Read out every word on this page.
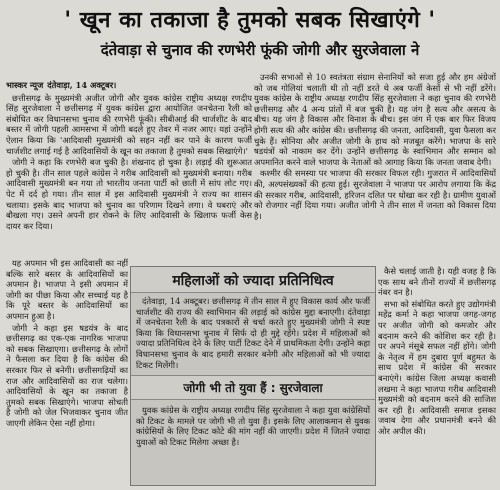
' खून का तकाजा है तुमको सबक सिखाएंगे '
दंतेवाड़ा से चुनाव की रणभेरी फूंकी जोगी और सुरजेवाला ने
भास्कर न्यूज दंतेवाड़ा, 14 अक्टूबर।

छत्तीसगढ़ के मुख्यमंत्री अजीत जोगी और युवक कांग्रेस राष्ट्रीय अध्यक्ष रणदीप सिंह सुरजेवाला ने छत्तीसगढ़ में युवक कांग्रेस द्वारा आयोजित जनचेतना रैली को संबोधित कर विधानसभा चुनाव की रणभेरी फूंकी। सीबीआई की चार्जशीट के बाद बस्तर में जोगी पहली आमसभा में जोगी बदले हुए तेवर में नजर आए। यहां उन्होंने ऐलान किया कि 'आदिवासी मुख्यमंत्री को सहन नहीं कर पाने के कारण फर्जी चार्जशीट लगाई गई है आदिवासियों के खून का तकाजा है तुमको सबक सिखाएंगे।'

जोगी ने कहा कि रणभेरी बज चुकी है। शंखनाद हो चुका है। लड़ाई की शुरूआत हो चुकी है। तीन साल पहले कांग्रेस ने गरीब आदिवासी को मुख्यमंत्री बनाया। गरीब आदिवासी मुख्यमंत्री बन गया तो भारतीय जनता पार्टी को छाती में सांप लोट गए। पेट में दर्द हो गया। तीन साल में इस आदिवासी मुख्यमंत्री ने राज्य का शासन चलाया। इसके बाद भाजपा को चुनाव का परिणाम दिखने लगा। वे घबराएं और बौखला गए। उसने अपनी हार रोकने के लिए आदिवासी के खिलाफ फर्जी केस दायर कर दिया।

यह अपमान भी इस आदिवासी का नहीं बल्कि सारे बस्तर के आदिवासियों का अपमान है। भाजपा ने इसी अपमान में जोगी का पीछा किया और सच्चाई यह है कि पूरे बस्तर के आदिवासियों का अपमान हुआ है।

जोगी ने कहा इस षडयंत्र के बाद छत्तीसगढ़ का एक-एक नागरिक भाजपा को सबक सिखाएगा। छत्तीसगढ़ के लोगों ने फैसला कर दिया है कि कांग्रेस की सरकार फिर से बनेगी। छत्तीसगढ़ियों का राज और आदिवासियों का राज चलेगा। आदिवासियों के खून का तकाजा है तुमको सबक सिखाएंगे। भाजपा सोचती है जोगी को जेल भिजवाकर चुनाव जीत जाएगी लेकिन ऐसा नहीं होगा।

उनकी सभाओं से 10 स्वतंत्रता संग्राम सेनानियों को सजा हुई और हम अंग्रेजों को जब गोलियां चलाती थी तो नहीं डरते थे अब फर्जी केसों से भी नहीं डरेंगे। युवक कांग्रेस के राष्ट्रीय अध्यक्ष रणदीप सिंह सुरजेवाला ने कहा चुनाव की रणभेरी छत्तीसगढ़ और 4 अन्य प्रांतों में बज चुकी है। यह जंग है सत्य और असत्य के बीच। यह जंग है विकास और विनाश के बीच। इस जंग में एक बार फिर विजय होगी सत्य की और कांग्रेस की। छत्तीसगढ़ की जनता, आदिवासी, युवा फैसला कर चुके हैं। सोनिया और अजीत जोगी के हाथ को मजबूत करेंगे। भाजपा के सारे षडयंत्रों को नाकाम कर देंगे। उन्होंने छत्तीसगढ़ के स्वाभिमान और सम्मान को अपमानित करने वाले भाजपा के नेताओं को आगाह किया कि जनता जवाब देगी।

कश्मीर की समस्या पर भाजपा की सरकार विफल रही। गुजरात में आदिवासियों की, अल्पसंख्यकों की हत्या हुई। सुरजेवाला ने भाजपा पर आरोप लगाया कि केंद्र की सरकार गरीब, आदिवासी, हरिजन दलित पर धोखा कर रही है। ग्रामीण युवाओं को रोजगार नहीं दिया गया। अजीत जोगी ने तीन साल में जनता को विकास दिया है।

महिलाओं को ज्यादा प्रतिनिधित्व

दंतेवाड़ा, 14 अक्टूबर। छत्तीसगढ़ में तीन साल में हुए विकास कार्य और फर्जी चार्जशीट की राज्य की स्वाभिमान की लड़ाई को कांग्रेस मुद्दा बनाएगी। दंतेवाड़ा में जनचेतना रैली के बाद पत्रकारों से चर्चा करते हुए मुख्यमंत्री जोगी ने स्पष्ट किया कि विधानसभा चुनाव में सिर्फ दो ही मुद्दे रहेंगे। प्रदेश में महिलाओं को ज्यादा प्रतिनिधित्व देने के लिए पार्टी टिकट देने में प्राथमिकता देगी। उन्होंने कहा विधानसभा चुनाव के बाद हमारी सरकार बनेगी और महिलाओं को भी ज्यादा टिकट मिलेंगी।

जोगी भी तो युवा हैं : सुरजेवाला

युवक कांग्रेस के राष्ट्रीय अध्यक्ष रणदीप सिंह सुरजेवाला ने कहा युवा कांग्रेसियों को टिकट के मामले पर जोगी भी तो युवा हैं। इसके लिए आलाकमान से युवक कांग्रेसियों के लिए टिकट कोटे की मांग नहीं की जाएगी। प्रदेश में जितने ज्यादा युवाओं को टिकट मिलेगा अच्छा है।

कैसे चलाई जाती है। यही वजह है कि एक साथ बने तीनों राज्यों में छत्तीसगढ़ नंबर वन है।

सभा को संबोधित करते हुए उद्योगमंत्री महेंद्र कर्मा ने कहा भाजपा जगह-जगह पर अजीत जोगी को कमजोर और बदनाम करने की कोशिश कर रही है। पर अपने मंसूबे सफल नहीं होंगे। जोगी के नेतृत्व में हम दुबारा पूर्ण बहुमत के साथ प्रदेश में कांग्रेस की सरकार बनाएंगे। कांग्रेस जिला अध्यक्ष कवासी लखमा ने कहा भाजपा गरीब आदिवासी मुख्यमंत्री को बदनाम करने की साजिश कर रही है। आदिवासी समाज इसका जवाब देगा और प्रधानमंत्री बनने की ओर अपील की।
